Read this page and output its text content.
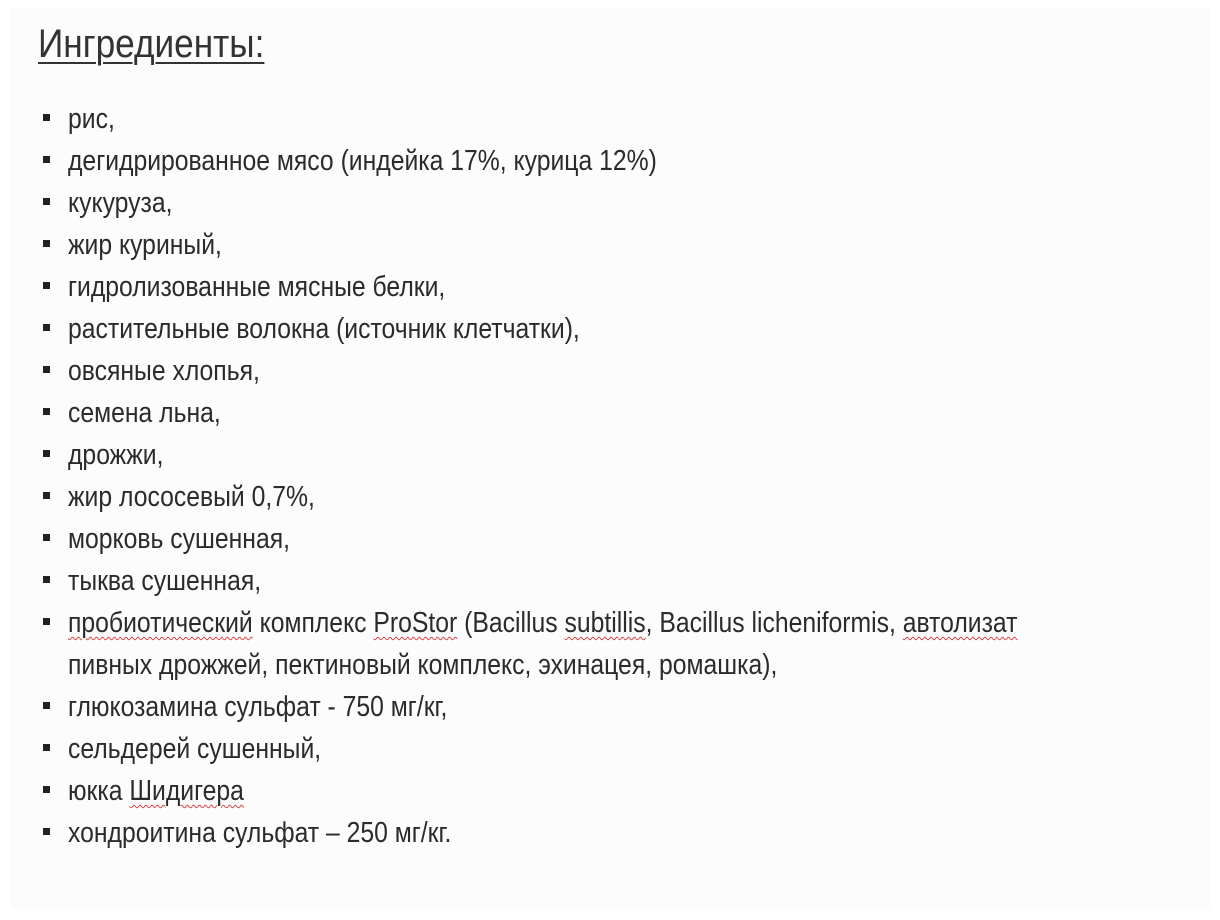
Ингредиенты:
рис,
дегидрированное мясо (индейка 17%, курица 12%)
кукуруза,
жир куриный,
гидролизованные мясные белки,
растительные волокна (источник клетчатки),
овсяные хлопья,
семена льна,
дрожжи,
жир лососевый 0,7%,
морковь сушенная,
тыква сушенная,
пробиотический комплекс ProStor (Bacillus subtillis, Bacillus licheniformis, автолизат пивных дрожжей, пектиновый комплекс, эхинацея, ромашка),
глюкозамина сульфат - 750 мг/кг,
сельдерей сушенный,
юкка Шидигера
хондроитина сульфат – 250 мг/кг.
